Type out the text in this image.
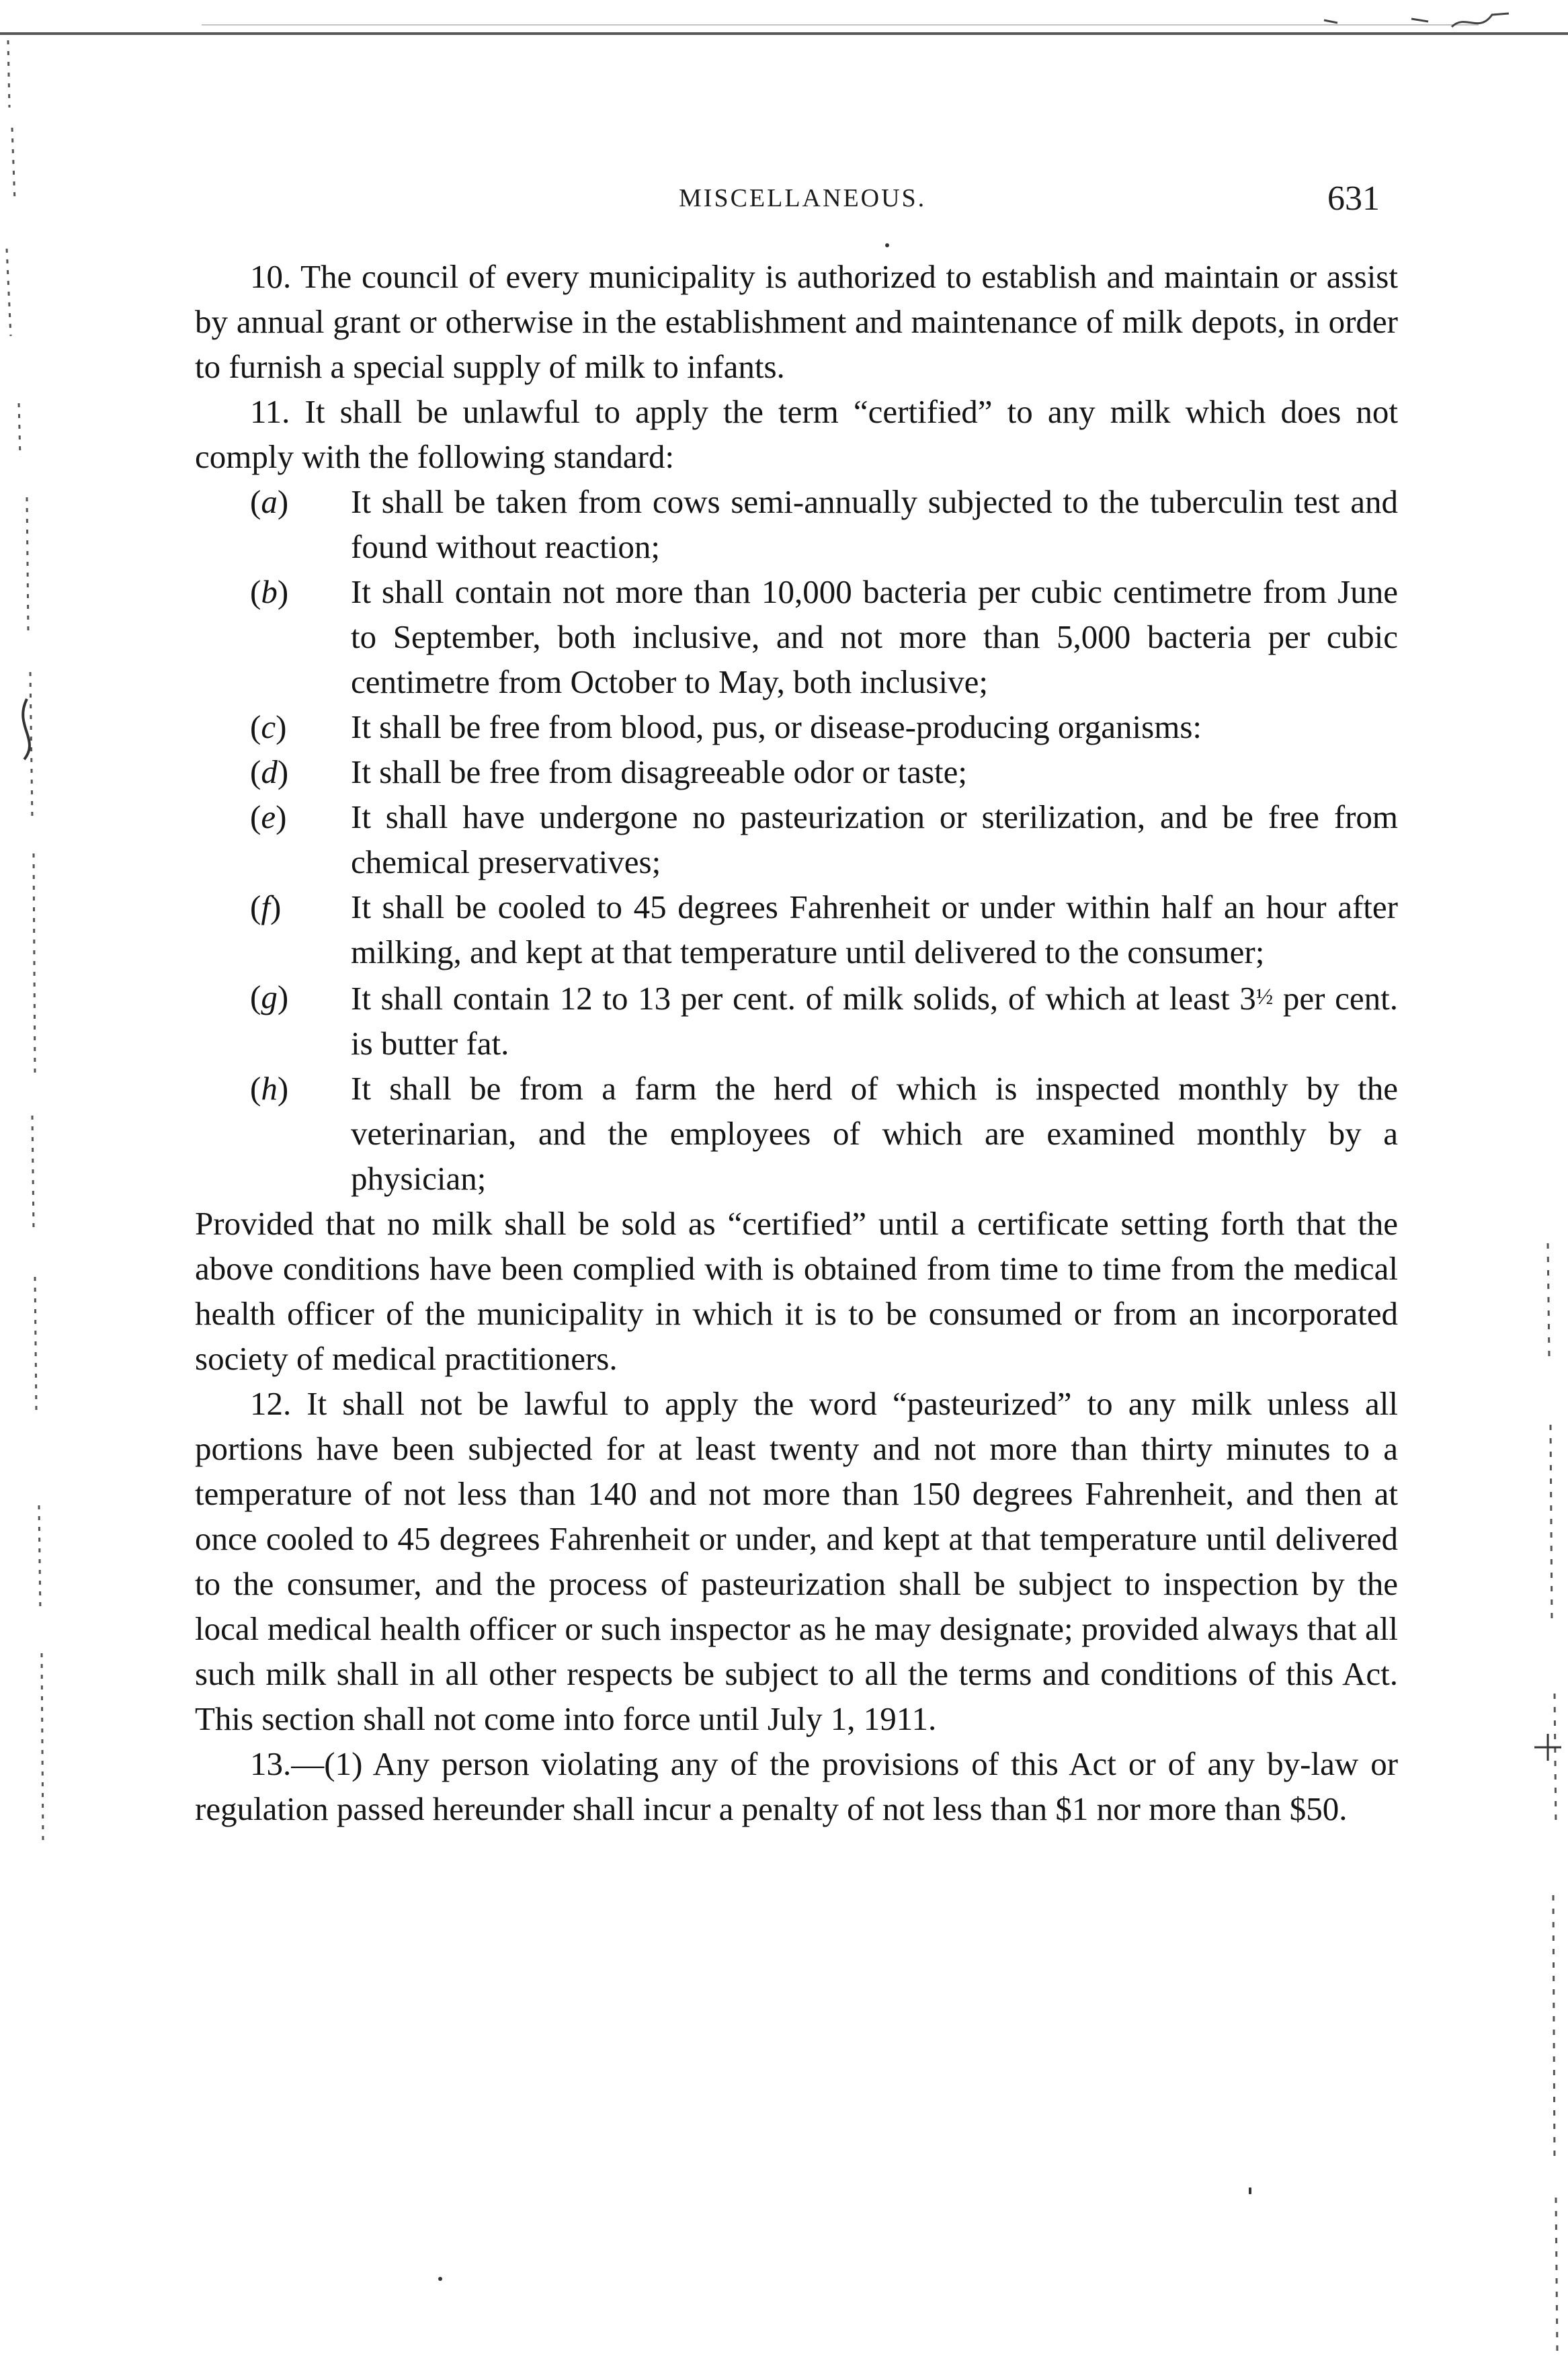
MISCELLANEOUS.	631

10. The council of every municipality is authorized to establish and maintain or assist by annual grant or otherwise in the establishment and maintenance of milk depots, in order to furnish a special supply of milk to infants.

11. It shall be unlawful to apply the term “certified” to any milk which does not comply with the following standard:

(a)	It shall be taken from cows semi-annually subjected to the tuberculin test and found without reaction;
(b)	It shall contain not more than 10,000 bacteria per cubic centimetre from June to September, both inclusive, and not more than 5,000 bacteria per cubic centimetre from October to May, both inclusive;
(c)	It shall be free from blood, pus, or disease-producing organisms:
(d)	It shall be free from disagreeable odor or taste;
(e)	It shall have undergone no pasteurization or sterilization, and be free from chemical preservatives;
(f)	It shall be cooled to 45 degrees Fahrenheit or under within half an hour after milking, and kept at that temperature until delivered to the consumer;
(g)	It shall contain 12 to 13 per cent. of milk solids, of which at least 3½ per cent. is butter fat.
(h)	It shall be from a farm the herd of which is inspected monthly by the veterinarian, and the employees of which are examined monthly by a physician;

Provided that no milk shall be sold as “certified” until a certificate setting forth that the above conditions have been complied with is obtained from time to time from the medical health officer of the municipality in which it is to be consumed or from an incorporated society of medical practitioners.

12. It shall not be lawful to apply the word “pasteurized” to any milk unless all portions have been subjected for at least twenty and not more than thirty minutes to a temperature of not less than 140 and not more than 150 degrees Fahrenheit, and then at once cooled to 45 degrees Fahrenheit or under, and kept at that temperature until delivered to the consumer, and the process of pasteurization shall be subject to inspection by the local medical health officer or such inspector as he may designate; provided always that all such milk shall in all other respects be subject to all the terms and conditions of this Act. This section shall not come into force until July 1, 1911.

13.—(1) Any person violating any of the provisions of this Act or of any by-law or regulation passed hereunder shall incur a penalty of not less than $1 nor more than $50.
